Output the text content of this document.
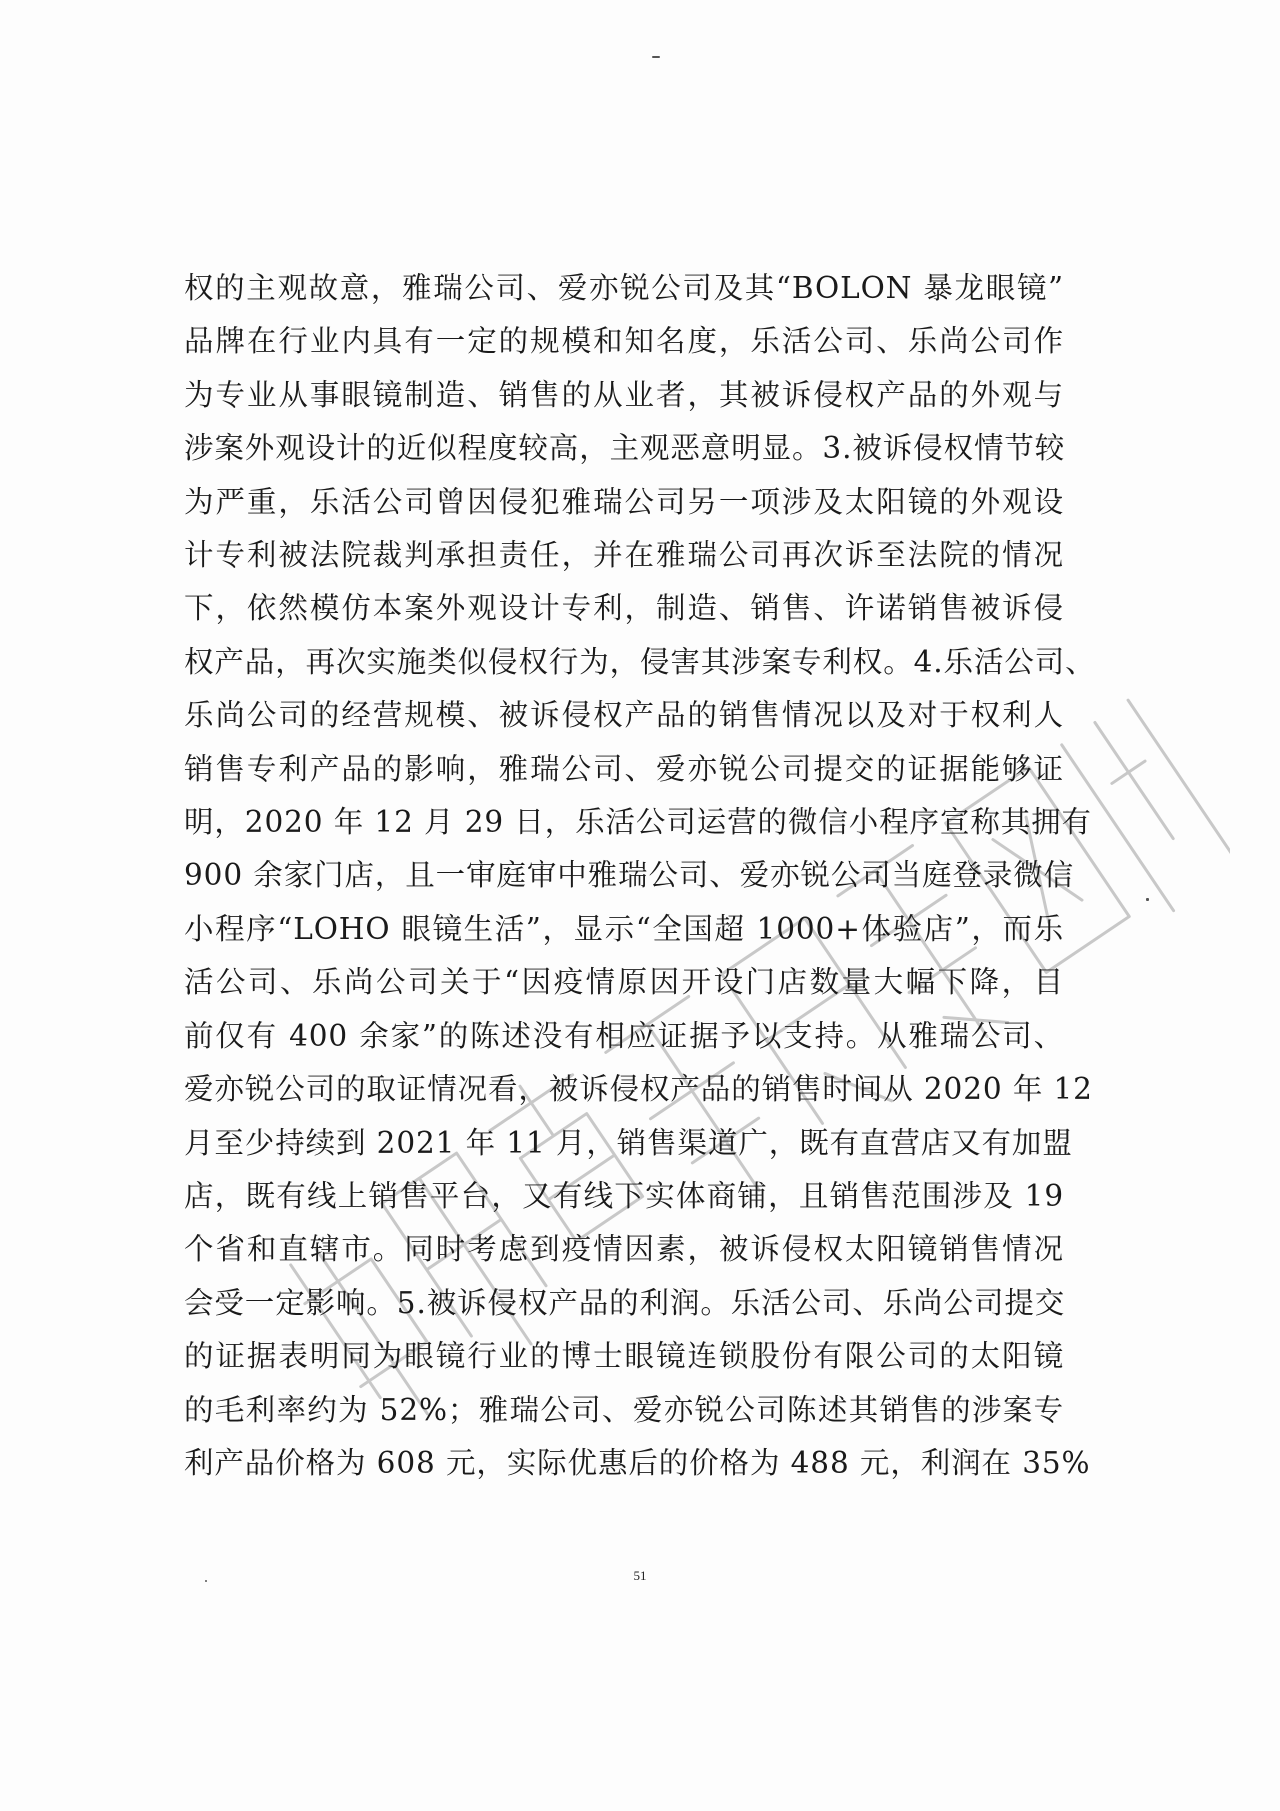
权的主观故意，雅瑞公司、爱亦锐公司及其“BOLON 暴龙眼镜”
品牌在行业内具有一定的规模和知名度，乐活公司、乐尚公司作
为专业从事眼镜制造、销售的从业者，其被诉侵权产品的外观与
涉案外观设计的近似程度较高，主观恶意明显。3.被诉侵权情节较
为严重，乐活公司曾因侵犯雅瑞公司另一项涉及太阳镜的外观设
计专利被法院裁判承担责任，并在雅瑞公司再次诉至法院的情况
下，依然模仿本案外观设计专利，制造、销售、许诺销售被诉侵
权产品，再次实施类似侵权行为，侵害其涉案专利权。4.乐活公司、
乐尚公司的经营规模、被诉侵权产品的销售情况以及对于权利人
销售专利产品的影响，雅瑞公司、爱亦锐公司提交的证据能够证
明，2020 年 12 月 29 日，乐活公司运营的微信小程序宣称其拥有
900 余家门店，且一审庭审中雅瑞公司、爱亦锐公司当庭登录微信
小程序“LOHO 眼镜生活”，显示“全国超 1000+体验店”，而乐
活公司、乐尚公司关于“因疫情原因开设门店数量大幅下降，目
前仅有 400 余家”的陈述没有相应证据予以支持。从雅瑞公司、
爱亦锐公司的取证情况看，被诉侵权产品的销售时间从 2020 年 12
月至少持续到 2021 年 11 月，销售渠道广，既有直营店又有加盟
店，既有线上销售平台，又有线下实体商铺，且销售范围涉及 19
个省和直辖市。同时考虑到疫情因素，被诉侵权太阳镜销售情况
会受一定影响。5.被诉侵权产品的利润。乐活公司、乐尚公司提交
的证据表明同为眼镜行业的博士眼镜连锁股份有限公司的太阳镜
的毛利率约为 52%；雅瑞公司、爱亦锐公司陈述其销售的涉案专
利产品价格为 608 元，实际优惠后的价格为 488 元，利润在 35%
51
